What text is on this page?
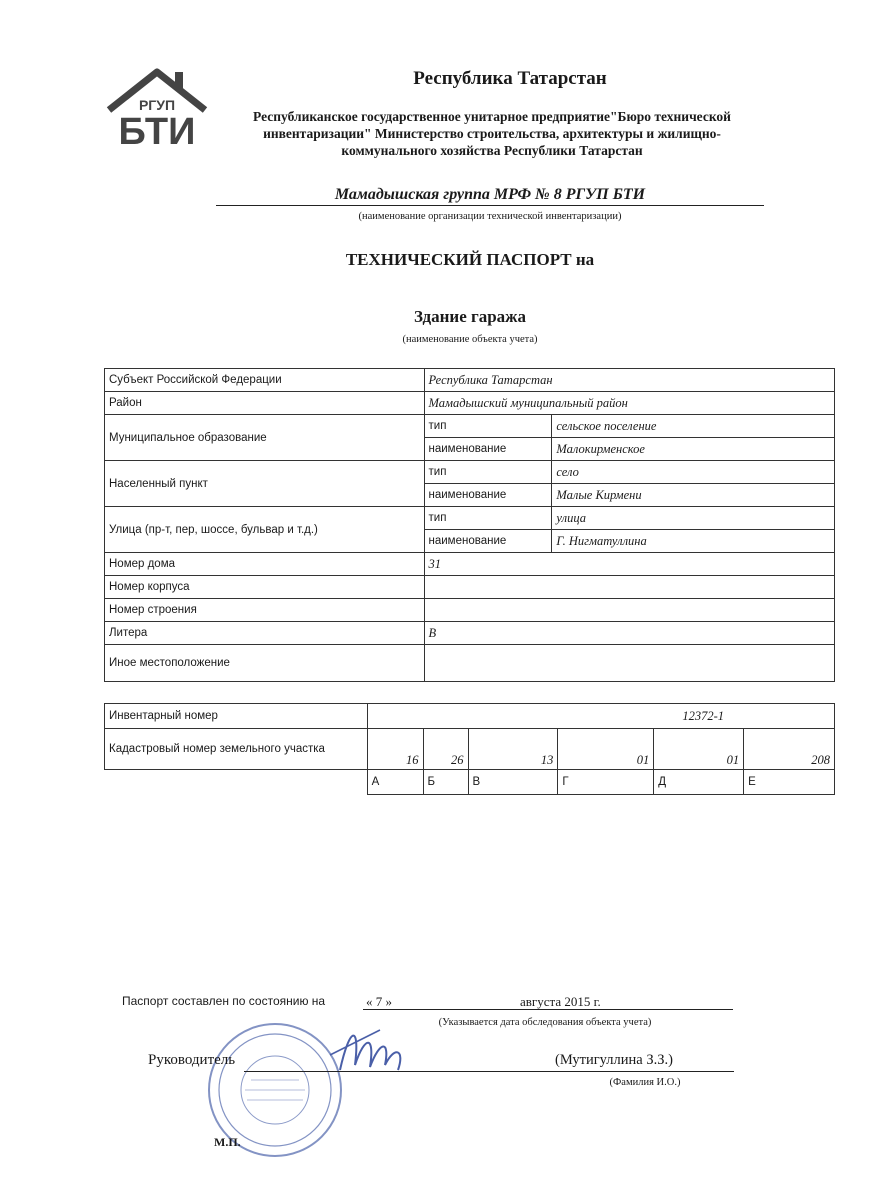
РГУП
БТИ
Республика Татарстан
Республиканское государственное унитарное предприятие"Бюро технической инвентаризации" Министерство строительства, архитектуры и жилищно-коммунального хозяйства Республики Татарстан
Мамадышская группа МРФ № 8 РГУП БТИ
(наименование организации технической инвентаризации)
ТЕХНИЧЕСКИЙ ПАСПОРТ на
Здание гаража
(наименование объекта учета)
Субъект Российской Федерации	Республика Татарстан	
Район	Мамадышский муниципальный район	
Муниципальное образование	тип	сельское поселение
	наименование	Малокирменское
Населенный пункт	тип	село
	наименование	Малые Кирмени
Улица (пр-т, пер, шоссе, бульвар и т.д.)	тип	улица
	наименование	Г. Нигматуллина
Номер дома	31	
Номер корпуса		
Номер строения		
Литера	В	
Иное местоположение		
Инвентарный номер	12372-1					
Кадастровый номер земельного участка	16	26	13	01	01	208
	А	Б	В	Г	Д	Е
Паспорт составлен по состоянию на	« 7 »	августа 2015 г.
(Указывается дата обследования объекта учета)
Руководитель	(Мутигуллина З.З.)
(Фамилия И.О.)
М.П.
